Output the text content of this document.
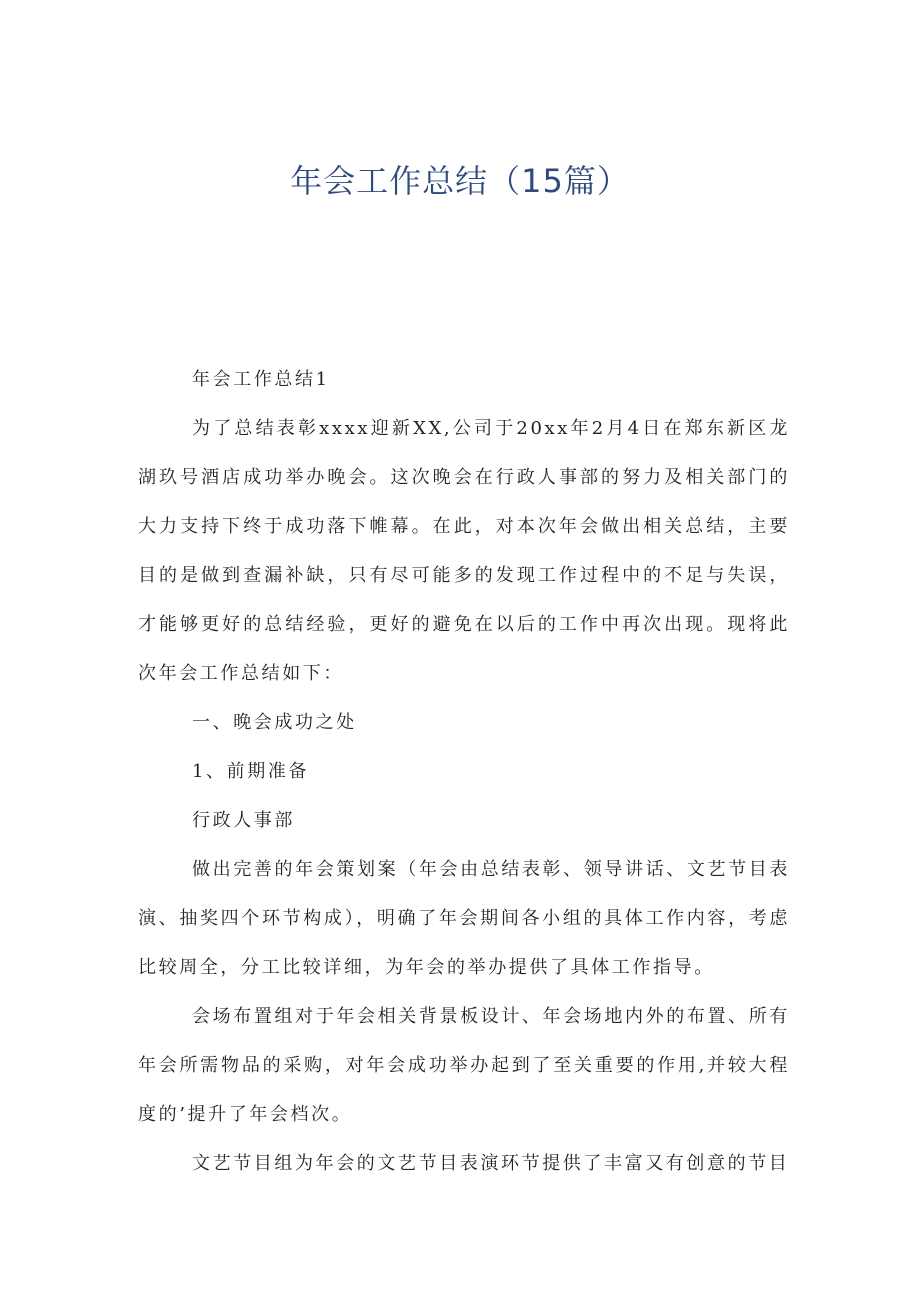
年会工作总结（15篇）
年会工作总结1
为了总结表彰xxxx迎新XX,公司于20xx年2月4日在郑东新区龙湖玖号酒店成功举办晚会。这次晚会在行政人事部的努力及相关部门的大力支持下终于成功落下帷幕。在此，对本次年会做出相关总结，主要目的是做到查漏补缺，只有尽可能多的发现工作过程中的不足与失误，才能够更好的总结经验，更好的避免在以后的工作中再次出现。现将此次年会工作总结如下：
一、晚会成功之处
1、前期准备
行政人事部
做出完善的年会策划案（年会由总结表彰、领导讲话、文艺节目表演、抽奖四个环节构成），明确了年会期间各小组的具体工作内容，考虑比较周全，分工比较详细，为年会的举办提供了具体工作指导。
会场布置组对于年会相关背景板设计、年会场地内外的布置、所有年会所需物品的采购，对年会成功举办起到了至关重要的作用,并较大程度的’提升了年会档次。
文艺节目组为年会的文艺节目表演环节提供了丰富又有创意的节目
